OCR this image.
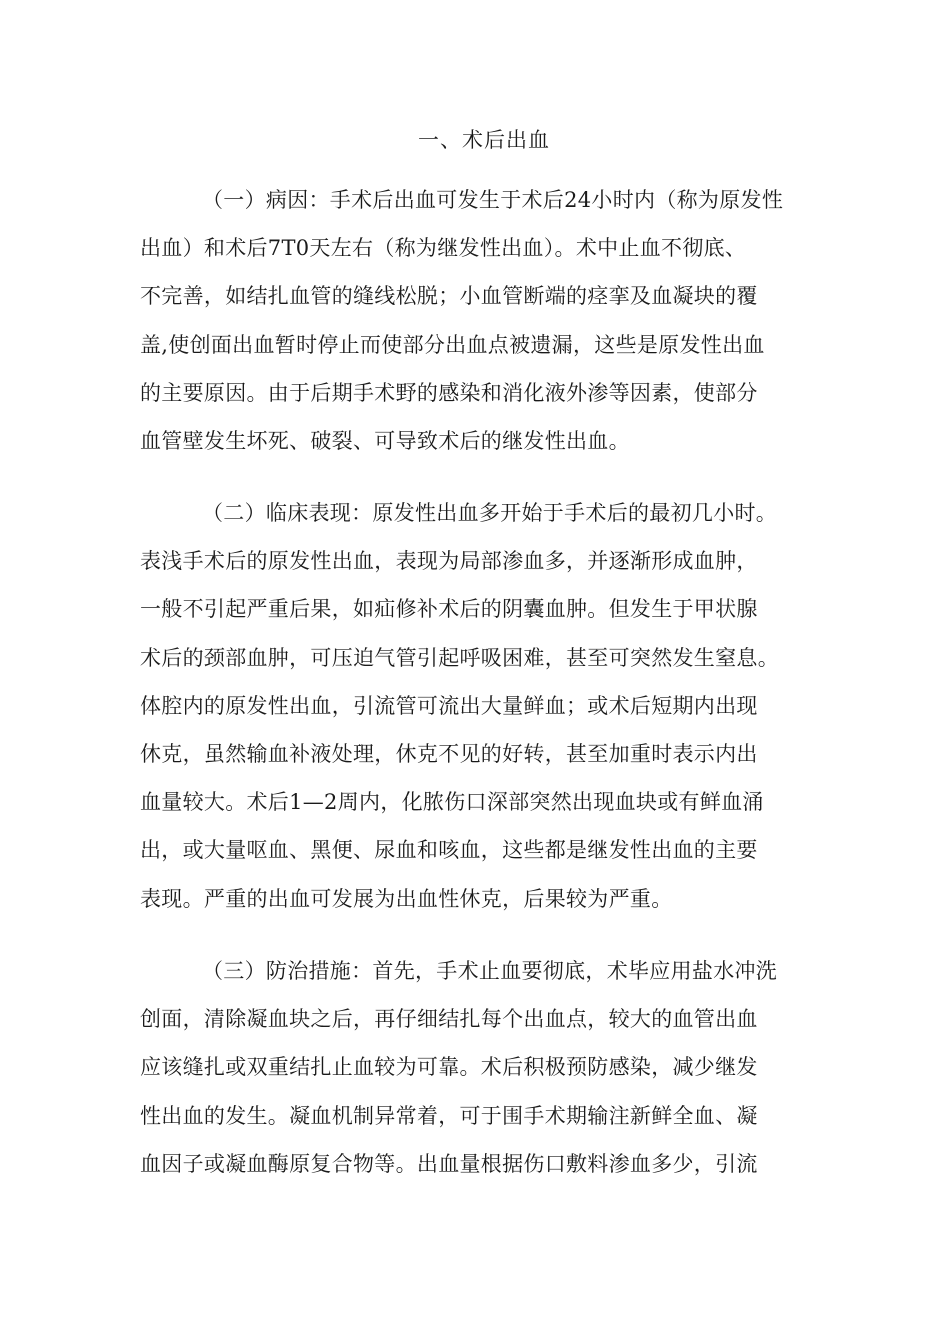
一、术后出血
（一）病因：手术后出血可发生于术后24小时内（称为原发性
出血）和术后7T0天左右（称为继发性出血）。术中止血不彻底、
不完善，如结扎血管的缝线松脱；小血管断端的痉挛及血凝块的覆
盖,使创面出血暂时停止而使部分出血点被遗漏，这些是原发性出血
的主要原因。由于后期手术野的感染和消化液外渗等因素，使部分
血管壁发生坏死、破裂、可导致术后的继发性出血。
（二）临床表现：原发性出血多开始于手术后的最初几小时。
表浅手术后的原发性出血，表现为局部渗血多，并逐渐形成血肿，
一般不引起严重后果，如疝修补术后的阴囊血肿。但发生于甲状腺
术后的颈部血肿，可压迫气管引起呼吸困难，甚至可突然发生窒息。
体腔内的原发性出血，引流管可流出大量鲜血；或术后短期内出现
休克，虽然输血补液处理，休克不见的好转，甚至加重时表示内出
血量较大。术后1—2周内，化脓伤口深部突然出现血块或有鲜血涌
出，或大量呕血、黑便、尿血和咳血，这些都是继发性出血的主要
表现。严重的出血可发展为出血性休克，后果较为严重。
（三）防治措施：首先，手术止血要彻底，术毕应用盐水冲洗
创面，清除凝血块之后，再仔细结扎每个出血点，较大的血管出血
应该缝扎或双重结扎止血较为可靠。术后积极预防感染，减少继发
性出血的发生。凝血机制异常着，可于围手术期输注新鲜全血、凝
血因子或凝血酶原复合物等。出血量根据伤口敷料渗血多少，引流
